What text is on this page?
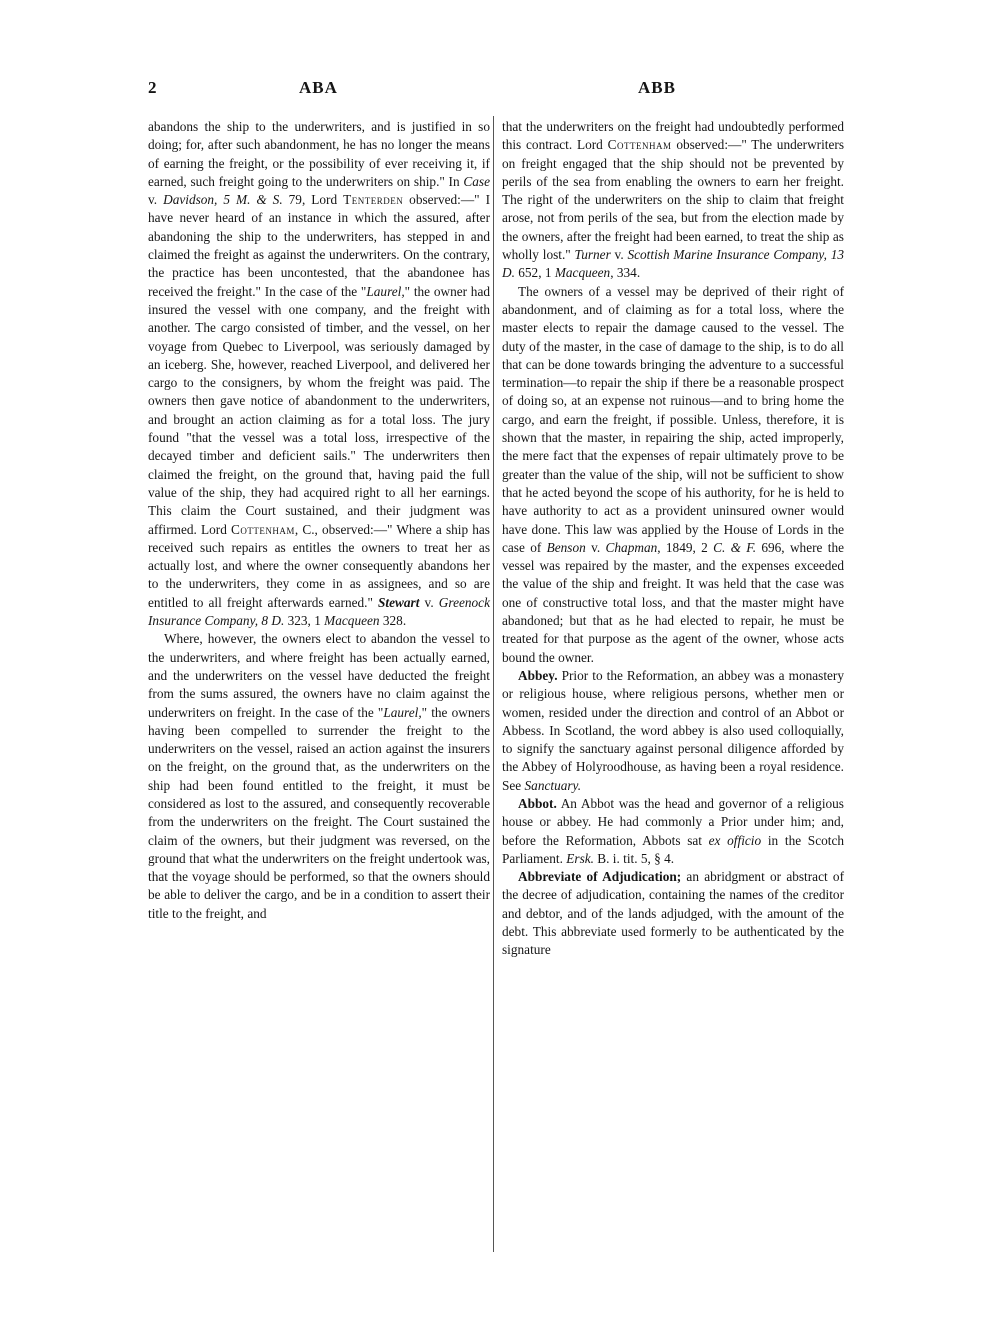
2	ABA	ABB

abandons the ship to the underwriters, and is justified in so doing; for, after such abandonment, he has no longer the means of earning the freight, or the possibility of ever receiving it, if earned, such freight going to the underwriters on ship." In Case v. Davidson, 5 M. & S. 79, Lord Tenterden observed:—" I have never heard of an instance in which the assured, after abandoning the ship to the underwriters, has stepped in and claimed the freight as against the underwriters. On the contrary, the practice has been uncontested, that the abandonee has received the freight." In the case of the "Laurel," the owner had insured the vessel with one company, and the freight with another. The cargo consisted of timber, and the vessel, on her voyage from Quebec to Liverpool, was seriously damaged by an iceberg. She, however, reached Liverpool, and delivered her cargo to the consigners, by whom the freight was paid. The owners then gave notice of abandonment to the underwriters, and brought an action claiming as for a total loss. The jury found "that the vessel was a total loss, irrespective of the decayed timber and deficient sails." The underwriters then claimed the freight, on the ground that, having paid the full value of the ship, they had acquired right to all her earnings. This claim the Court sustained, and their judgment was affirmed. Lord Cottenham, C., observed:—" Where a ship has received such repairs as entitles the owners to treat her as actually lost, and where the owner consequently abandons her to the underwriters, they come in as assignees, and so are entitled to all freight afterwards earned." Stewart v. Greenock Insurance Company, 8 D. 323, 1 Macqueen 328.

Where, however, the owners elect to abandon the vessel to the underwriters, and where freight has been actually earned, and the underwriters on the vessel have deducted the freight from the sums assured, the owners have no claim against the underwriters on freight. In the case of the "Laurel," the owners having been compelled to surrender the freight to the underwriters on the vessel, raised an action against the insurers on the freight, on the ground that, as the underwriters on the ship had been found entitled to the freight, it must be considered as lost to the assured, and consequently recoverable from the underwriters on the freight. The Court sustained the claim of the owners, but their judgment was reversed, on the ground that what the underwriters on the freight undertook was, that the voyage should be performed, so that the owners should be able to deliver the cargo, and be in a condition to assert their title to the freight, and

that the underwriters on the freight had undoubtedly performed this contract. Lord Cottenham observed:—" The underwriters on freight engaged that the ship should not be prevented by perils of the sea from enabling the owners to earn her freight. The right of the underwriters on the ship to claim that freight arose, not from perils of the sea, but from the election made by the owners, after the freight had been earned, to treat the ship as wholly lost." Turner v. Scottish Marine Insurance Company, 13 D. 652, 1 Macqueen, 334.

The owners of a vessel may be deprived of their right of abandonment, and of claiming as for a total loss, where the master elects to repair the damage caused to the vessel. The duty of the master, in the case of damage to the ship, is to do all that can be done towards bringing the adventure to a successful termination—to repair the ship if there be a reasonable prospect of doing so, at an expense not ruinous—and to bring home the cargo, and earn the freight, if possible. Unless, therefore, it is shown that the master, in repairing the ship, acted improperly, the mere fact that the expenses of repair ultimately prove to be greater than the value of the ship, will not be sufficient to show that he acted beyond the scope of his authority, for he is held to have authority to act as a provident uninsured owner would have done. This law was applied by the House of Lords in the case of Benson v. Chapman, 1849, 2 C. & F. 696, where the vessel was repaired by the master, and the expenses exceeded the value of the ship and freight. It was held that the case was one of constructive total loss, and that the master might have abandoned; but that as he had elected to repair, he must be treated for that purpose as the agent of the owner, whose acts bound the owner.

Abbey. Prior to the Reformation, an abbey was a monastery or religious house, where religious persons, whether men or women, resided under the direction and control of an Abbot or Abbess. In Scotland, the word abbey is also used colloquially, to signify the sanctuary against personal diligence afforded by the Abbey of Holyroodhouse, as having been a royal residence. See Sanctuary.

Abbot. An Abbot was the head and governor of a religious house or abbey. He had commonly a Prior under him; and, before the Reformation, Abbots sat ex officio in the Scotch Parliament. Ersk. B. i. tit. 5, § 4.

Abbreviate of Adjudication; an abridgment or abstract of the decree of adjudication, containing the names of the creditor and debtor, and of the lands adjudged, with the amount of the debt. This abbreviate used formerly to be authenticated by the signature
